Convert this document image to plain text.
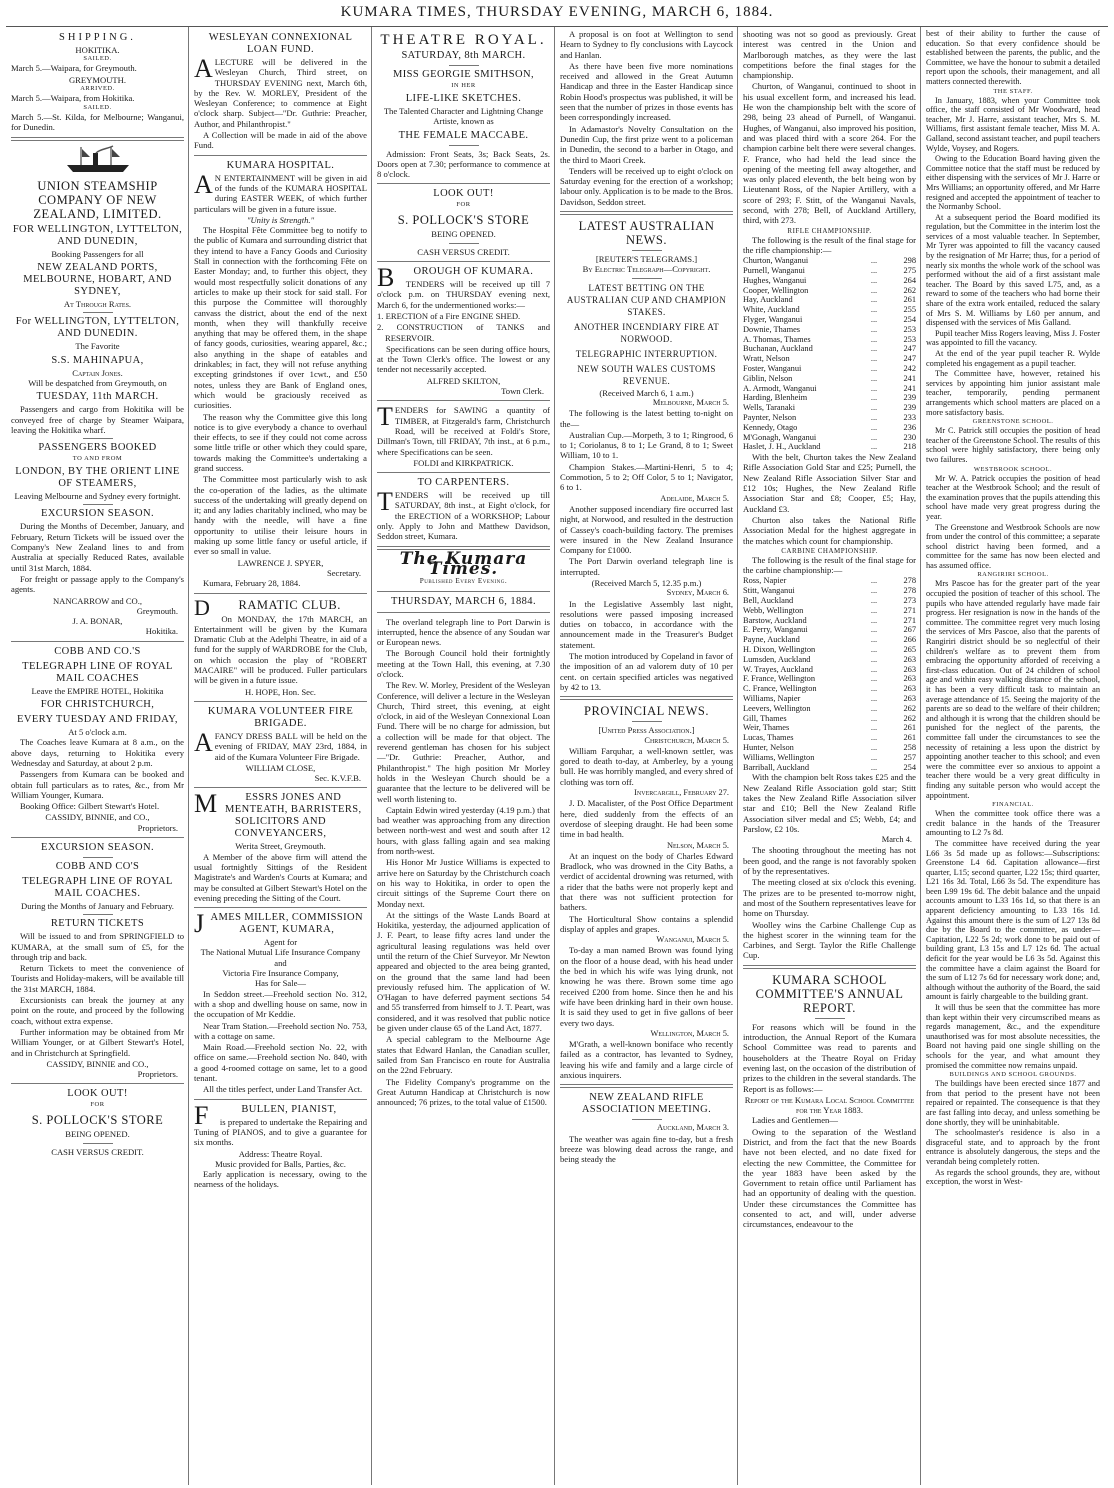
KUMARA TIMES, THURSDAY EVENING, MARCH 6, 1884.
SHIPPING.
HOKITIKA.
SAILED.

March 5.—Waipara, for Greymouth.

GREYMOUTH.
ARRIVED.

March 5.—Waipara, from Hokitika.

SAILED.

March 5.—St. Kilda, for Melbourne; Wanganui, for Dunedin.

UNION STEAMSHIP COMPANY OF NEW ZEALAND, LIMITED.
FOR WELLINGTON, LYTTELTON, AND DUNEDIN,
Booking Passengers for all
NEW ZEALAND PORTS, MELBOURNE, HOBART, AND SYDNEY,
At Through Rates.
For WELLINGTON, LYTTELTON, AND DUNEDIN.
The Favorite
S.S. MAHINAPUA,
Captain Jones.
Will be despatched from Greymouth, on
TUESDAY, 11th MARCH.

Passengers and cargo from Hokitika will be conveyed free of charge by Steamer Waipara, leaving the Hokitika wharf.

PASSENGERS BOOKED
TO AND FROM
LONDON, BY THE ORIENT LINE OF STEAMERS,
Leaving Melbourne and Sydney every fortnight.
EXCURSION SEASON.

During the Months of December, January, and February, Return Tickets will be issued over the Company's New Zealand lines to and from Australia at specially Reduced Rates, available until 31st March, 1884.

For freight or passage apply to the Company's agents.

NANCARROW and CO.,
Greymouth.
J. A. BONAR,
Hokitika.
COBB AND CO.'S
TELEGRAPH LINE OF ROYAL MAIL COACHES
Leave the EMPIRE HOTEL, Hokitika
FOR CHRISTCHURCH,
EVERY TUESDAY AND FRIDAY,
At 5 o'clock a.m.

The Coaches leave Kumara at 8 a.m., on the above days, returning to Hokitika every Wednesday and Saturday, at about 2 p.m.

Passengers from Kumara can be booked and obtain full particulars as to rates, &c., from Mr William Younger, Kumara.

Booking Office: Gilbert Stewart's Hotel.

CASSIDY, BINNIE, and CO.,
Proprietors.
EXCURSION SEASON.
COBB AND CO'S
TELEGRAPH LINE OF ROYAL MAIL COACHES.
During the Months of January and February.
RETURN TICKETS

Will be issued to and from SPRINGFIELD to KUMARA, at the small sum of £5, for the through trip and back.

Return Tickets to meet the convenience of Tourists and Holiday-makers, will be available till the 31st MARCH, 1884.

Excursionists can break the journey at any point on the route, and proceed by the following coach, without extra expense.

Further information may be obtained from Mr William Younger, or at Gilbert Stewart's Hotel, and in Christchurch at Springfield.

CASSIDY, BINNIE and CO.,
Proprietors.
LOOK OUT!
FOR
S. POLLOCK'S STORE
BEING OPENED.
CASH VERSUS CREDIT.
WESLEYAN CONNEXIONAL LOAN FUND.

ALECTURE will be delivered in the Wesleyan Church, Third street, on THURSDAY EVENING next, March 6th, by the Rev. W. MORLEY, President of the Wesleyan Conference; to commence at Eight o'clock sharp. Subject—"Dr. Guthrie: Preacher, Author, and Philanthropist."

A Collection will be made in aid of the above Fund.

KUMARA HOSPITAL.

A N ENTERTAINMENT will be given in aid of the funds of the KUMARA HOSPITAL during EASTER WEEK, of which further particulars will be given in a future issue.

"Unity is Strength."

The Hospital Fête Committee beg to notify to the public of Kumara and surrounding district that they intend to have a Fancy Goods and Curiosity Stall in connection with the forthcoming Fête on Easter Monday; and, to further this object, they would most respectfully solicit donations of any articles to make up their stock for said stall. For this purpose the Committee will thoroughly canvass the district, about the end of the next month, when they will thankfully receive anything that may be offered them, in the shape of fancy goods, curiosities, wearing apparel, &c.; also anything in the shape of eatables and drinkables; in fact, they will not refuse anything excepting grindstones if over 1cwt., and £50 notes, unless they are Bank of England ones, which would be graciously received as curiosities.

The reason why the Committee give this long notice is to give everybody a chance to overhaul their effects, to see if they could not come across some little trifle or other which they could spare, towards making the Committee's undertaking a grand success.

The Committee most particularly wish to ask the co-operation of the ladies, as the ultimate success of the undertaking will greatly depend on it; and any ladies charitably inclined, who may be handy with the needle, will have a fine opportunity to utilise their leisure hours in making up some little fancy or useful article, if ever so small in value.

LAWRENCE J. SPYER,
Secretary.

Kumara, February 28, 1884.

D RAMATIC CLUB.

On MONDAY, the 17th MARCH, an Entertainment will be given by the Kumara Dramatic Club at the Adelphi Theatre, in aid of a fund for the supply of WARDROBE for the Club, on which occasion the play of "ROBERT MACAIRE" will be produced. Fuller particulars will be given in a future issue.

H. HOPE, Hon. Sec.
KUMARA VOLUNTEER FIRE BRIGADE.

AFANCY DRESS BALL will be held on the evening of FRIDAY, MAY 23rd, 1884, in aid of the Kumara Volunteer Fire Brigade.

WILLIAM CLOSE,
Sec. K.V.F.B.
M	ESSRS JONES AND MENTEATH, BARRISTERS, SOLICITORS AND CONVEYANCERS,
Werita Street, Greymouth.

A Member of the above firm will attend the usual fortnightly Sittings of the Resident Magistrate's and Warden's Courts at Kumara; and may be consulted at Gilbert Stewart's Hotel on the evening preceding the Sitting of the Court.

JAMES MILLER, COMMISSION AGENT, KUMARA,
Agent for
The National Mutual Life Insurance Company
and
Victoria Fire Insurance Company,
Has for Sale—

In Seddon street.—Freehold section No. 312, with a shop and dwelling house on same, now in the occupation of Mr Keddie.

Near Tram Station.—Freehold section No. 753, with a cottage on same.

Main Road.—Freehold section No. 22, with office on same.—Freehold section No. 840, with a good 4-roomed cottage on same, let to a good tenant.

All the titles perfect, under Land Transfer Act.

F	BULLEN, PIANIST,

is prepared to undertake the Repairing and Tuning of PIANOS, and to give a guarantee for six months.

Address: Theatre Royal.
Music provided for Balls, Parties, &c.

Early application is necessary, owing to the nearness of the holidays.

THEATRE ROYAL.
SATURDAY, 8th MARCH.
MISS GEORGIE SMITHSON,
IN HER
LIFE-LIKE SKETCHES.
The Talented Character and Lightning Change Artiste, known as
THE FEMALE MACCABE.

Admission: Front Seats, 3s; Back Seats, 2s. Doors open at 7.30; performance to commence at 8 o'clock.

LOOK OUT!
FOR
S. POLLOCK'S STORE
BEING OPENED.
CASH VERSUS CREDIT.
B OROUGH OF KUMARA.

TENDERS will be received up till 7 o'clock p.m. on THURSDAY evening next, March 6, for the undermentioned works:—

1. ERECTION of a Fire ENGINE SHED.

2. CONSTRUCTION of TANKS and RESERVOIR.

Specifications can be seen during office hours, at the Town Clerk's office. The lowest or any tender not necessarily accepted.

ALFRED SKILTON,
Town Clerk.

TENDERS for SAWING a quantity of TIMBER, at Fitzgerald's farm, Christchurch Road, will be received at Foldi's Store, Dillman's Town, till FRIDAY, 7th inst., at 6 p.m., where Specifications can be seen.

FOLDI and KIRKPATRICK.
TO CARPENTERS.

TENDERS will be received up till SATURDAY, 8th inst., at Eight o'clock, for the ERECTION of a WORKSHOP; Labour only. Apply to John and Matthew Davidson, Seddon street, Kumara.

The Kumara Times.
Published Every Evening.
THURSDAY, MARCH 6, 1884.

The overland telegraph line to Port Darwin is interrupted, hence the absence of any Soudan war or European news.

The Borough Council hold their fortnightly meeting at the Town Hall, this evening, at 7.30 o'clock.

The Rev. W. Morley, President of the Wesleyan Conference, will deliver a lecture in the Wesleyan Church, Third street, this evening, at eight o'clock, in aid of the Wesleyan Connexional Loan Fund. There will be no charge for admission, but a collection will be made for that object. The reverend gentleman has chosen for his subject—"Dr. Guthrie: Preacher, Author, and Philanthropist." The high position Mr Morley holds in the Wesleyan Church should be a guarantee that the lecture to be delivered will be well worth listening to.

Captain Edwin wired yesterday (4.19 p.m.) that bad weather was approaching from any direction between north-west and west and south after 12 hours, with glass falling again and sea making from north-west.

His Honor Mr Justice Williams is expected to arrive here on Saturday by the Christchurch coach on his way to Hokitika, in order to open the circuit sittings of the Supreme Court there on Monday next.

At the sittings of the Waste Lands Board at Hokitika, yesterday, the adjourned application of J. F. Peart, to lease fifty acres land under the agricultural leasing regulations was held over until the return of the Chief Surveyor. Mr Newton appeared and objected to the area being granted, on the ground that the same land had been previously refused him. The application of W. O'Hagan to have deferred payment sections 54 and 55 transferred from himself to J. T. Peart, was considered, and it was resolved that public notice be given under clause 65 of the Land Act, 1877.

A special cablegram to the Melbourne Age states that Edward Hanlan, the Canadian sculler, sailed from San Francisco en route for Australia on the 22nd February.

The Fidelity Company's programme on the Great Autumn Handicap at Christchurch is now announced; 76 prizes, to the total value of £1500.

A proposal is on foot at Wellington to send Hearn to Sydney to fly conclusions with Laycock and Hanlan.

As there have been five more nominations received and allowed in the Great Autumn Handicap and three in the Easter Handicap since Robin Hood's prospectus was published, it will be seen that the number of prizes in those events has been correspondingly increased.

In Adamastor's Novelty Consultation on the Dunedin Cup, the first prize went to a policeman in Dunedin, the second to a barber in Otago, and the third to Maori Creek.

Tenders will be received up to eight o'clock on Saturday evening for the erection of a workshop; labour only. Application is to be made to the Bros. Davidson, Seddon street.

LATEST AUSTRALIAN NEWS.
[REUTER'S TELEGRAMS.]
By Electric Telegraph—Copyright.
LATEST BETTING ON THE AUSTRALIAN CUP AND CHAMPION STAKES.
ANOTHER INCENDIARY FIRE AT NORWOOD.
TELEGRAPHIC INTERRUPTION.
NEW SOUTH WALES CUSTOMS REVENUE.
(Received March 6, 1 a.m.)
Melbourne, March 5.

The following is the latest betting to-night on the—

Australian Cup.—Morpeth, 3 to 1; Ringrood, 6 to 1; Coriolanus, 8 to 1; Le Grand, 8 to 1; Sweet William, 10 to 1.

Champion Stakes.—Martini-Henri, 5 to 4; Commotion, 5 to 2; Off Color, 5 to 1; Navigator, 6 to 1.

Adelaide, March 5.

Another supposed incendiary fire occurred last night, at Norwood, and resulted in the destruction of Cassey's coach-building factory. The premises were insured in the New Zealand Insurance Company for £1000.

The Port Darwin overland telegraph line is interrupted.

(Received March 5, 12.35 p.m.)
Sydney, March 6.

In the Legislative Assembly last night, resolutions were passed imposing increased duties on tobacco, in accordance with the announcement made in the Treasurer's Budget statement.

The motion introduced by Copeland in favor of the imposition of an ad valorem duty of 10 per cent. on certain specified articles was negatived by 42 to 13.

PROVINCIAL NEWS.
[United Press Association.]
Christchurch, March 5.

William Farquhar, a well-known settler, was gored to death to-day, at Amberley, by a young bull. He was horribly mangled, and every shred of clothing was torn off.

Invercargill, February 27.

J. D. Macalister, of the Post Office Department here, died suddenly from the effects of an overdose of sleeping draught. He had been some time in bad health.

Nelson, March 5.

At an inquest on the body of Charles Edward Bradlock, who was drowned in the City Baths, a verdict of accidental drowning was returned, with a rider that the baths were not properly kept and that there was not sufficient protection for bathers.

The Horticultural Show contains a splendid display of apples and grapes.

Wanganui, March 5.

To-day a man named Brown was found lying on the floor of a house dead, with his head under the bed in which his wife was lying drunk, not knowing he was there. Brown some time ago received £200 from home. Since then he and his wife have been drinking hard in their own house. It is said they used to get in five gallons of beer every two days.

Wellington, March 5.

M'Grath, a well-known boniface who recently failed as a contractor, has levanted to Sydney, leaving his wife and family and a large circle of anxious inquirers.

NEW ZEALAND RIFLE ASSOCIATION MEETING.
Auckland, March 3.

The weather was again fine to-day, but a fresh breeze was blowing dead across the range, and being steady the

shooting was not so good as previously. Great interest was centred in the Union and Marlborough matches, as they were the last competitions before the final stages for the championship.

Churton, of Wanganui, continued to shoot in his usual excellent form, and increased his lead. He won the championship belt with the score of 298, being 23 ahead of Purnell, of Wanganui. Hughes, of Wanganui, also improved his position, and was placed third with a score 264. For the champion carbine belt there were several changes. F. France, who had held the lead since the opening of the meeting fell away altogether, and was only placed eleventh, the belt being won by Lieutenant Ross, of the Napier Artillery, with a score of 293; F. Stitt, of the Wanganui Navals, second, with 278; Bell, of Auckland Artillery, third, with 273.

RIFLE CHAMPIONSHIP.

The following is the result of the final stage for the rifle championship:—

Churton, Wanganui	...	298
Purnell, Wanganui	...	275
Hughes, Wanganui	...	264
Cooper, Wellington	...	262
Hay, Auckland	...	261
White, Auckland	...	255
Flyger, Wanganui	...	254
Downie, Thames	...	253
A. Thomas, Thames	...	253
Buchanan, Auckland	...	247
Wratt, Nelson	...	247
Foster, Wanganui	...	242
Giblin, Nelson	...	241
A. Armodt, Wanganui	...	241
Harding, Blenheim	...	239
Wells, Taranaki	...	239
Paynter, Nelson	...	233
Kennedy, Otago	...	236
M'Gonagh, Wanganui	...	230
Haslet, J. H., Auckland	...	218

With the belt, Churton takes the New Zealand Rifle Association Gold Star and £25; Purnell, the New Zealand Rifle Association Silver Star and £12 10s; Hughes, the New Zealand Rifle Association Star and £8; Cooper, £5; Hay, Auckland £3.

Churton also takes the National Rifle Association Medal for the highest aggregate in the matches which count for championship.

CARBINE CHAMPIONSHIP.

The following is the result of the final stage for the carbine championship:—

Ross, Napier	...	278
Stitt, Wanganui	...	278
Bell, Auckland	...	273
Webb, Wellington	...	271
Barstow, Auckland	...	271
E. Perry, Wanganui	...	267
Payne, Auckland	...	266
H. Dixon, Wellington	...	265
Lumsden, Auckland	...	263
W. Trayes, Auckland	...	263
F. France, Wellington	...	263
C. France, Wellington	...	263
Williams, Napier	...	263
Leevers, Wellington	...	262
Gill, Thames	...	262
Weir, Thames	...	261
Lucas, Thames	...	261
Hunter, Nelson	...	258
Williams, Wellington	...	257
Barriball, Auckland	...	254

With the champion belt Ross takes £25 and the New Zealand Rifle Association gold star; Stitt takes the New Zealand Rifle Association silver star and £10; Bell the New Zealand Rifle Association silver medal and £5; Webb, £4; and Parslow, £2 10s.

March 4.

The shooting throughout the meeting has not been good, and the range is not favorably spoken of by the representatives.

The meeting closed at six o'clock this evening. The prizes are to be presented to-morrow night, and most of the Southern representatives leave for home on Thursday.

Woolley wins the Carbine Challenge Cup as the highest scorer in the winning team for the Carbines, and Sergt. Taylor the Rifle Challenge Cup.

KUMARA SCHOOL COMMITTEE'S ANNUAL REPORT.

For reasons which will be found in the introduction, the Annual Report of the Kumara School Committee was read to parents and householders at the Theatre Royal on Friday evening last, on the occasion of the distribution of prizes to the children in the several standards. The Report is as follows:—

Report of the Kumara Local School Committee for the Year 1883.

Ladies and Gentlemen—

Owing to the separation of the Westland District, and from the fact that the new Boards have not been elected, and no date fixed for electing the new Committee, the Committee for the year 1883 have been asked by the Government to retain office until Parliament has had an opportunity of dealing with the question. Under these circumstances the Committee has consented to act, and will, under adverse circumstances, endeavour to the

best of their ability to further the cause of education. So that every confidence should be established between the parents, the public, and the Committee, we have the honour to submit a detailed report upon the schools, their management, and all matters connected therewith.

THE STAFF.

In January, 1883, when your Committee took office, the staff consisted of Mr Woodward, head teacher, Mr J. Harre, assistant teacher, Mrs S. M. Williams, first assistant female teacher, Miss M. A. Galland, second assistant teacher, and pupil teachers Wylde, Voysey, and Rogers.

Owing to the Education Board having given the Committee notice that the staff must be reduced by either dispensing with the services of Mr J. Harre or Mrs Williams; an opportunity offered, and Mr Harre resigned and accepted the appointment of teacher to the Normanby School.

At a subsequent period the Board modified its regulation, but the Committee in the interim lost the services of a most valuable teacher. In September, Mr Tyrer was appointed to fill the vacancy caused by the resignation of Mr Harre; thus, for a period of nearly six months the whole work of the school was performed without the aid of a first assistant male teacher. The Board by this saved L75, and, as a reward to some of the teachers who had borne their share of the extra work entailed, reduced the salary of Mrs S. M. Williams by L60 per annum, and dispensed with the services of Mis Galland.

Pupil teacher Miss Rogers leaving, Miss J. Foster was appointed to fill the vacancy.

At the end of the year pupil teacher R. Wylde completed his engagement as a pupil teacher.

The Committee have, however, retained his services by appointing him junior assistant male teacher, temporarily, pending permanent arrangements which school matters are placed on a more satisfactory basis.

GREENSTONE SCHOOL.

Mr C. Patrick still occupies the position of head teacher of the Greenstone School. The results of this school were highly satisfactory, there being only two failures.

WESTBROOK SCHOOL.

Mr W. A. Patrick occupies the position of head teacher at the Westbrook School; and the result of the examination proves that the pupils attending this school have made very great progress during the year.

The Greenstone and Westbrook Schools are now from under the control of this committee; a separate school district having been formed, and a committee for the same has now been elected and has assumed office.

RANGIRIRI SCHOOL.

Mrs Pascoe has for the greater part of the year occupied the position of teacher of this school. The pupils who have attended regularly have made fair progress. Her resignation is now in the hands of the committee. The committee regret very much losing the services of Mrs Pascoe, also that the parents of Rangiriri district should be so neglectful of their children's welfare as to prevent them from embracing the opportunity afforded of receiving a first-class education. Out of 24 children of school age and within easy walking distance of the school, it has been a very difficult task to maintain an average attendance of 15. Seeing the majority of the parents are so dead to the welfare of their children; and although it is wrong that the children should be punished for the neglect of the parents, the committee fall under the circumstances to see the necessity of retaining a less upon the district by appointing another teacher to this school; and even were the committee ever so anxious to appoint a teacher there would be a very great difficulty in finding any suitable person who would accept the appointment.

FINANCIAL.

When the committee took office there was a credit balance in the hands of the Treasurer amounting to L2 7s 8d.

The committee have received during the year L66 3s 5d made up as follows:—Subscriptions: Greenstone L4 6d. Capitation allowance—first quarter, L15; second quarter, L22 15s; third quarter, L21 16s 3d. Total, L66 3s 5d. The expenditure has been L99 19s 6d. The debit balance and the unpaid accounts amount to L33 16s 1d, so that there is an apparent deficiency amounting to L33 16s 1d. Against this amount there is the sum of L27 13s 8d due by the Board to the committee, as under—Capitation, L22 5s 2d; work done to be paid out of building grant, L3 15s and L7 12s 6d. The actual deficit for the year would be L6 3s 5d. Against this the committee have a claim against the Board for the sum of L12 7s 6d for necessary work done; and, although without the authority of the Board, the said amount is fairly chargeable to the building grant.

It will thus be seen that the committee has more than kept within their very circumscribed means as regards management, &c., and the expenditure unauthorised was for most absolute necessities, the Board not having paid one single shilling on the schools for the year, and what amount they promised the committee now remains unpaid.

BUILDINGS AND SCHOOL GROUNDS.

The buildings have been erected since 1877 and from that period to the present have not been repaired or repainted. The consequence is that they are fast falling into decay, and unless something be done shortly, they will be uninhabitable.

The schoolmaster's residence is also in a disgraceful state, and to approach by the front entrance is absolutely dangerous, the steps and the verandah being completely rotten.

As regards the school grounds, they are, without exception, the worst in West-
